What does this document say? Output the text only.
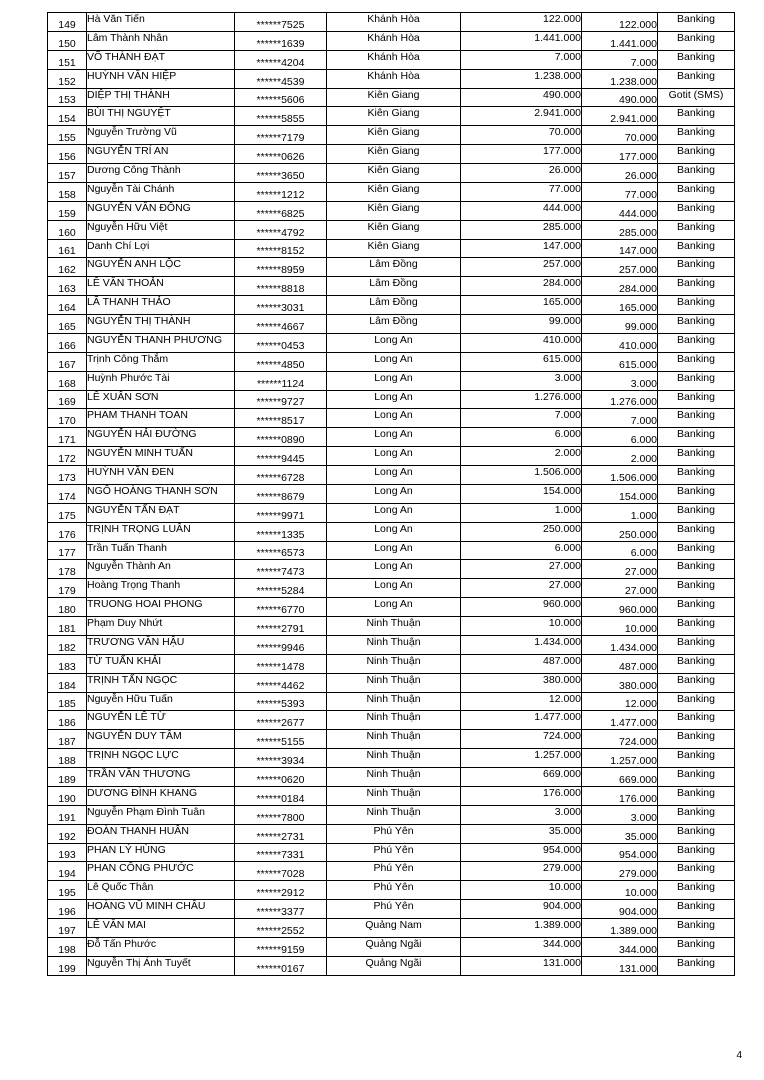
149	Hà Văn Tiến	******7525	Khánh Hòa	122.000	122.000	Banking
150	Lâm Thành Nhân	******1639	Khánh Hòa	1.441.000	1.441.000	Banking
151	VÕ THÀNH ĐẠT	******4204	Khánh Hòa	7.000	7.000	Banking
152	HUỲNH VĂN HIỆP	******4539	Khánh Hòa	1.238.000	1.238.000	Banking
153	DIỆP THỊ THÀNH	******5606	Kiên Giang	490.000	490.000	Gotit (SMS)
154	BÙI THỊ NGUYỆT	******5855	Kiên Giang	2.941.000	2.941.000	Banking
155	Nguyễn Trường Vũ	******7179	Kiên Giang	70.000	70.000	Banking
156	NGUYỄN TRÍ AN	******0626	Kiên Giang	177.000	177.000	Banking
157	Dương Công Thành	******3650	Kiên Giang	26.000	26.000	Banking
158	Nguyễn Tài Chánh	******1212	Kiên Giang	77.000	77.000	Banking
159	NGUYỄN VĂN ĐÔNG	******6825	Kiên Giang	444.000	444.000	Banking
160	Nguyễn Hữu Việt	******4792	Kiên Giang	285.000	285.000	Banking
161	Danh Chí Lợi	******8152	Kiên Giang	147.000	147.000	Banking
162	NGUYỄN ANH LỘC	******8959	Lâm Đồng	257.000	257.000	Banking
163	LÊ VĂN THOẢN	******8818	Lâm Đồng	284.000	284.000	Banking
164	LÃ THANH THẢO	******3031	Lâm Đồng	165.000	165.000	Banking
165	NGUYỄN THỊ THÀNH	******4667	Lâm Đồng	99.000	99.000	Banking
166	NGUYỄN THANH PHƯƠNG	******0453	Long An	410.000	410.000	Banking
167	Trịnh Công Thắm	******4850	Long An	615.000	615.000	Banking
168	Huỳnh Phước Tài	******1124	Long An	3.000	3.000	Banking
169	LÊ XUÂN SƠN	******9727	Long An	1.276.000	1.276.000	Banking
170	PHAM THANH TOAN	******8517	Long An	7.000	7.000	Banking
171	NGUYỄN HẢI ĐƯỜNG	******0890	Long An	6.000	6.000	Banking
172	NGUYỄN MINH TUẤN	******9445	Long An	2.000	2.000	Banking
173	HUỲNH VĂN ĐEN	******6728	Long An	1.506.000	1.506.000	Banking
174	NGÔ HOÀNG THANH SƠN	******8679	Long An	154.000	154.000	Banking
175	NGUYỄN TẤN ĐẠT	******9971	Long An	1.000	1.000	Banking
176	TRỊNH TRỌNG LUÂN	******1335	Long An	250.000	250.000	Banking
177	Trần Tuấn Thanh	******6573	Long An	6.000	6.000	Banking
178	Nguyễn Thành An	******7473	Long An	27.000	27.000	Banking
179	Hoàng Trọng Thanh	******5284	Long An	27.000	27.000	Banking
180	TRUONG HOAI PHONG	******6770	Long An	960.000	960.000	Banking
181	Phạm Duy Nhứt	******2791	Ninh Thuận	10.000	10.000	Banking
182	TRƯƠNG VĂN HẬU	******9946	Ninh Thuận	1.434.000	1.434.000	Banking
183	TỪ TUẤN KHẢI	******1478	Ninh Thuận	487.000	487.000	Banking
184	TRỊNH TẤN NGỌC	******4462	Ninh Thuận	380.000	380.000	Banking
185	Nguyễn Hữu Tuấn	******5393	Ninh Thuận	12.000	12.000	Banking
186	NGUYỄN LÊ TỪ	******2677	Ninh Thuận	1.477.000	1.477.000	Banking
187	NGUYỄN DUY TÂM	******5155	Ninh Thuận	724.000	724.000	Banking
188	TRỊNH NGỌC LỰC	******3934	Ninh Thuận	1.257.000	1.257.000	Banking
189	TRẦN VĂN THƯƠNG	******0620	Ninh Thuận	669.000	669.000	Banking
190	DƯƠNG ĐÌNH KHANG	******0184	Ninh Thuận	176.000	176.000	Banking
191	Nguyễn Phạm Đình Tuân	******7800	Ninh Thuận	3.000	3.000	Banking
192	ĐOÀN THANH HUÂN	******2731	Phú Yên	35.000	35.000	Banking
193	PHAN LÝ HÙNG	******7331	Phú Yên	954.000	954.000	Banking
194	PHAN CÔNG PHƯỚC	******7028	Phú Yên	279.000	279.000	Banking
195	Lê Quốc Thân	******2912	Phú Yên	10.000	10.000	Banking
196	HOÀNG VŨ MINH CHÂU	******3377	Phú Yên	904.000	904.000	Banking
197	LÊ VĂN MAI	******2552	Quảng Nam	1.389.000	1.389.000	Banking
198	Đỗ Tấn Phước	******9159	Quảng Ngãi	344.000	344.000	Banking
199	Nguyễn Thị Ánh Tuyết	******0167	Quảng Ngãi	131.000	131.000	Banking
4
